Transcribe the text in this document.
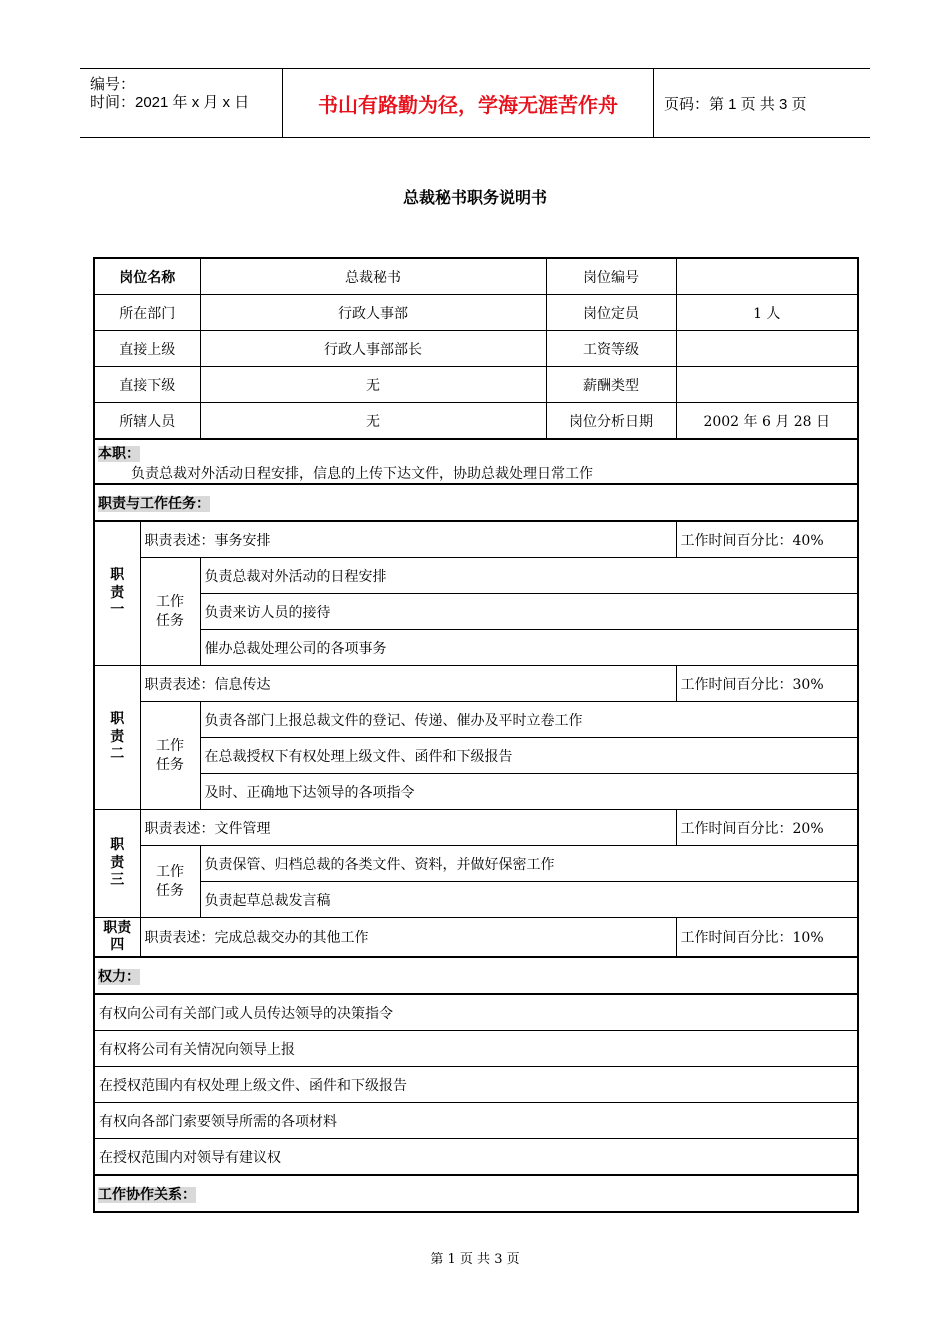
编号：
时间：2021 年 x 月 x 日	书山有路勤为径，学海无涯苦作舟	页码：第 1 页 共 3 页
总裁秘书职务说明书
岗位名称		总裁秘书	岗位编号	
所在部门		行政人事部	岗位定员	1 人
直接上级		行政人事部部长	工资等级	
直接下级		无	薪酬类型	
所辖人员		无	岗位分析日期	2002 年 6 月 28 日

本职：
负责总裁对外活动日程安排，信息的上传下达文件，协助总裁处理日常工作				

职责与工作任务：				

职责一	职责表述：事务安排			工作时间百分比：40%

	工作任务	负责总裁对外活动的日程安排		
		负责来访人员的接待		
		催办总裁处理公司的各项事务		

职责二	职责表述：信息传达			工作时间百分比：30%

	工作任务	负责各部门上报总裁文件的登记、传递、催办及平时立卷工作		
		在总裁授权下有权处理上级文件、函件和下级报告		
		及时、正确地下达领导的各项指令		

职责三	职责表述：文件管理			工作时间百分比：20%

	工作任务	负责保管、归档总裁的各类文件、资料，并做好保密工作		
		负责起草总裁发言稿		

职责四	职责表述：完成总裁交办的其他工作			工作时间百分比：10%
权力：				
有权向公司有关部门或人员传达领导的决策指令				
有权将公司有关情况向领导上报				
在授权范围内有权处理上级文件、函件和下级报告				
有权向各部门索要领导所需的各项材料				
在授权范围内对领导有建议权				
工作协作关系：				
第 1 页 共 3 页
